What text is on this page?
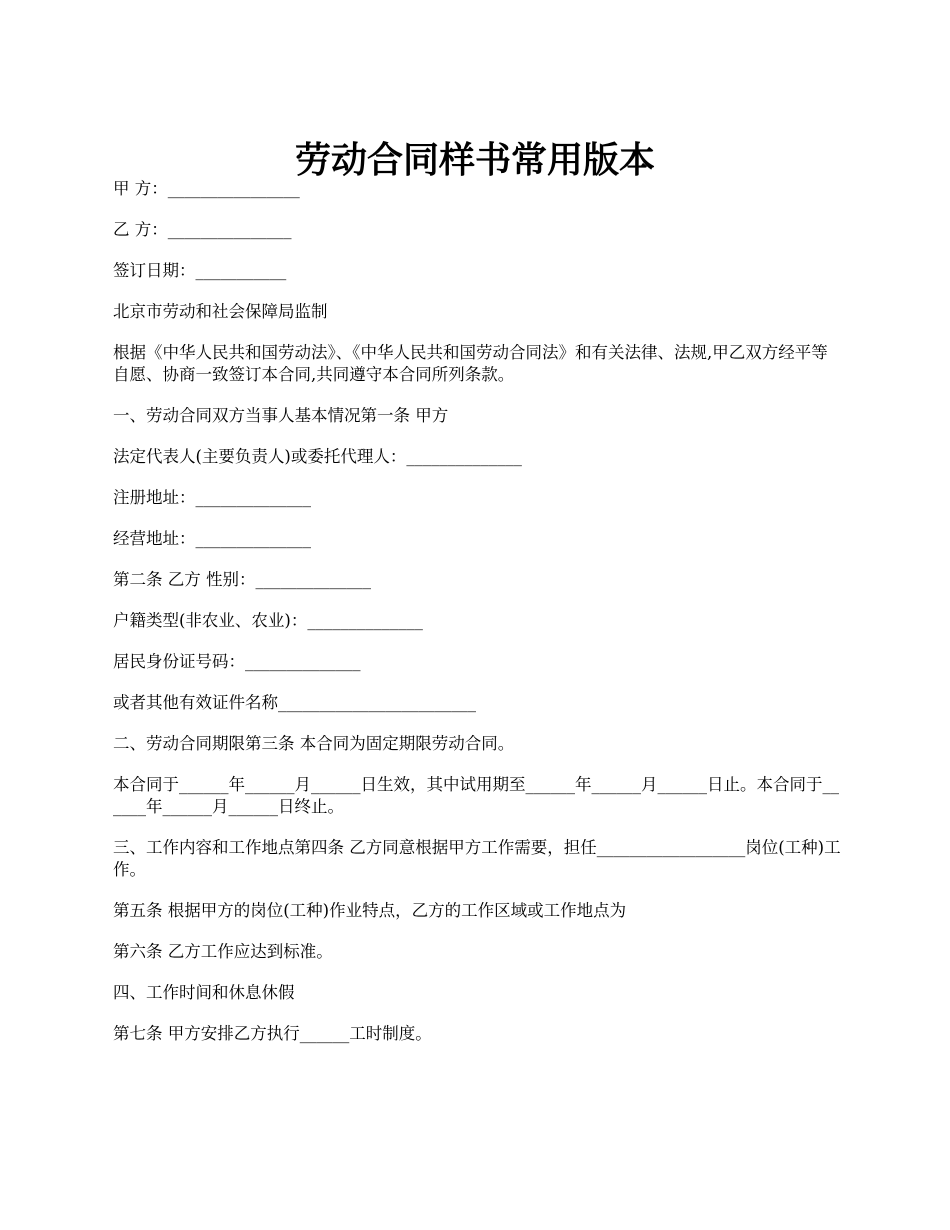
劳动合同样书常用版本

甲 方：________________

乙 方：_______________

签订日期：___________

北京市劳动和社会保障局监制

根据《中华人民共和国劳动法》、《中华人民共和国劳动合同法》和有关法律、法规,甲乙双方经平等自愿、协商一致签订本合同,共同遵守本合同所列条款。

一、劳动合同双方当事人基本情况第一条 甲方

法定代表人(主要负责人)或委托代理人：______________

注册地址：______________

经营地址：______________

第二条 乙方 性别：______________

户籍类型(非农业、农业)：______________

居民身份证号码：______________

或者其他有效证件名称________________________

二、劳动合同期限第三条 本合同为固定期限劳动合同。

本合同于______年______月______日生效，其中试用期至______年______月______日止。本合同于______年______月______日终止。

三、工作内容和工作地点第四条 乙方同意根据甲方工作需要，担任__________________岗位(工种)工作。

第五条 根据甲方的岗位(工种)作业特点，乙方的工作区域或工作地点为

第六条 乙方工作应达到标准。

四、工作时间和休息休假

第七条 甲方安排乙方执行______工时制度。
